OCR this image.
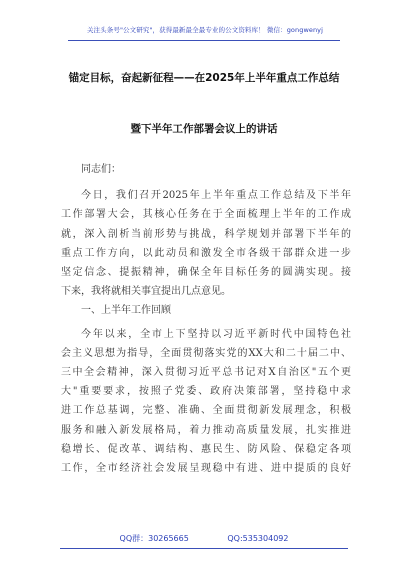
关注头条号"公文研究"，获得最新最全最专业的公文资料库！ 微信：gongwenyj
锚定目标，奋起新征程——在2025年上半年重点工作总结
暨下半年工作部署会议上的讲话

同志们：

今日，我们召开2025年上半年重点工作总结及下半年
工作部署大会，其核心任务在于全面梳理上半年的工作成
就，深入剖析当前形势与挑战，科学规划并部署下半年的
重点工作方向，以此动员和激发全市各级干部群众进一步
坚定信念、提振精神，确保全年目标任务的圆满实现。接
下来，我将就相关事宜提出几点意见。

一、上半年工作回顾

今年以来，全市上下坚持以习近平新时代中国特色社
会主义思想为指导，全面贯彻落实党的XX大和二十届二中、
三中全会精神，深入贯彻习近平总书记对X自治区"五个更
大"重要要求，按照子党委、政府决策部署，坚持稳中求
进工作总基调，完整、准确、全面贯彻新发展理念，积极
服务和融入新发展格局，着力推动高质量发展，扎实推进
稳增长、促改革、调结构、惠民生、防风险、保稳定各项
工作，全市经济社会发展呈现稳中有进、进中提质的良好

QQ群：30265665	QQ:535304092
